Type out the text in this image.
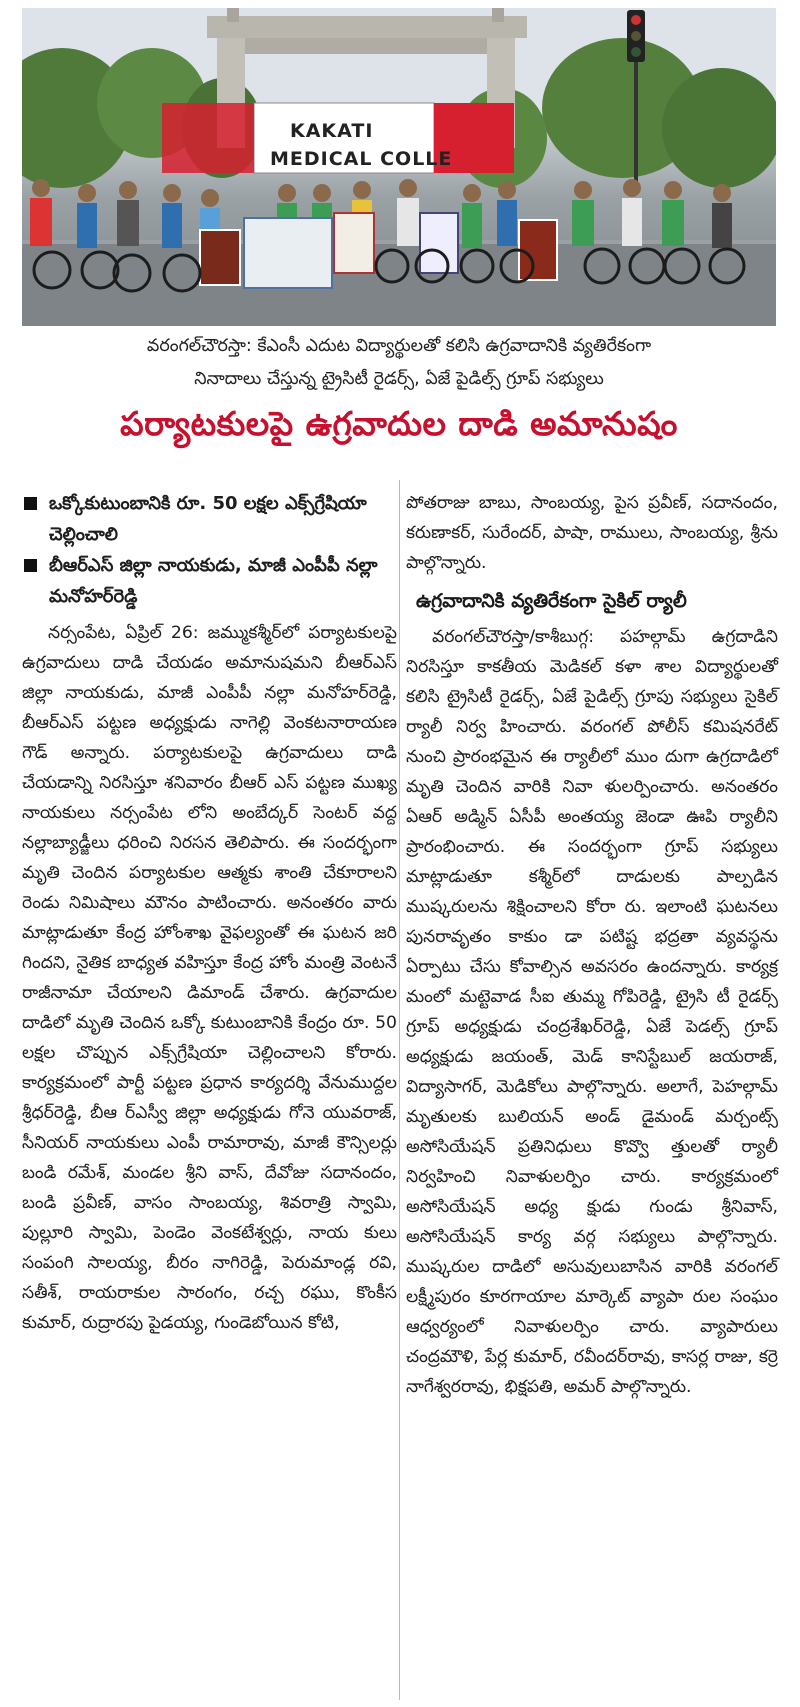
KAKATI
MEDICAL COLLE
వరంగల్‌చౌరస్తా: కేఎంసీ ఎదుట విద్యార్థులతో కలిసి ఉగ్రవాదానికి వ్యతిరేకంగా
నినాదాలు చేస్తున్న ట్రైసిటీ రైడర్స్, ఏజే పైడిల్స్ గ్రూప్ సభ్యులు
పర్యాటకులపై ఉగ్రవాదుల దాడి అమానుషం
ఒక్కోకుటుంబానికి రూ. 50 లక్షల ఎక్స్‌గ్రేషియా చెల్లించాలి
బీఆర్ఎస్ జిల్లా నాయకుడు, మాజీ ఎంపీపీ నల్లా మనోహర్‌రెడ్డి

నర్సంపేట, ఏప్రిల్ 26: జమ్ముకశ్మీర్‌లో పర్యాటకులపై ఉగ్రవాదులు దాడి చేయడం అమానుషమని బీఆర్ఎస్ జిల్లా నాయకుడు, మాజీ ఎంపీపీ నల్లా మనోహర్‌రెడ్డి, బీఆర్ఎస్ పట్టణ అధ్యక్షుడు నాగెల్లి వెంకటనారాయణ గౌడ్ అన్నారు. పర్యాటకులపై ఉగ్రవాదులు దాడి చేయడాన్ని నిరసిస్తూ శనివారం బీఆర్ ఎస్ పట్టణ ముఖ్య నాయకులు నర్సంపేట లోని అంబేద్కర్ సెంటర్ వద్ద నల్లాబ్యాడ్జీలు ధరించి నిరసన తెలిపారు. ఈ సందర్భంగా మృతి చెందిన పర్యాటకుల ఆత్మకు శాంతి చేకూరాలని రెండు నిమిషాలు మౌనం పాటించారు. అనంతరం వారు మాట్లాడుతూ కేంద్ర హోంశాఖ వైఫల్యంతో ఈ ఘటన జరి గిందని, నైతిక బాధ్యత వహిస్తూ కేంద్ర హోం మంత్రి వెంటనే రాజీనామా చేయాలని డిమాండ్ చేశారు. ఉగ్రవాదుల దాడిలో మృతి చెందిన ఒక్కో కుటుంబానికి కేంద్రం రూ. 50 లక్షల చొప్పున ఎక్స్‌గ్రేషియా చెల్లించాలని కోరారు. కార్యక్రమంలో పార్టీ పట్టణ ప్రధాన కార్యదర్శి వేనుముద్దల శ్రీధర్‌రెడ్డి, బీఆ ర్ఎస్వీ జిల్లా అధ్యక్షుడు గోనె యువరాజ్, సీనియర్ నాయకులు ఎంపీ రామారావు, మాజీ కౌన్సిలర్లు బండి రమేశ్, మండల శ్రీని వాస్, దేవోజు సదానందం, బండి ప్రవీణ్, వాసం సాంబయ్య, శివరాత్రి స్వామి, పుల్లూరి స్వామి, పెండెం వెంకటేశ్వర్లు, నాయ కులు సంపంగి సాలయ్య, బీరం నాగిరెడ్డి, పెరుమాండ్ల రవి, సతీశ్, రాయరాకుల సారంగం, రచ్చ రఘు, కొంకీస కుమార్, రుద్రారపు పైడయ్య, గుండెబోయిన కోటి,

పోతరాజు బాబు, సాంబయ్య, పైస ప్రవీణ్, సదానందం, కరుణాకర్, సురేందర్, పాషా, రాములు, సాంబయ్య, శ్రీను పాల్గొన్నారు.

ఉగ్రవాదానికి వ్యతిరేకంగా సైకిల్ ర్యాలీ

వరంగల్‌చౌరస్తా/కాశీబుగ్గ: పహల్గామ్ ఉగ్రదాడిని నిరసిస్తూ కాకతీయ మెడికల్ కళా శాల విద్యార్థులతో కలిసి ట్రైసిటీ రైడర్స్, ఏజే పైడిల్స్ గ్రూపు సభ్యులు సైకిల్ ర్యాలీ నిర్వ హించారు. వరంగల్ పోలీస్ కమిషనరేట్ నుంచి ప్రారంభమైన ఈ ర్యాలీలో ముం దుగా ఉగ్రదాడిలో మృతి చెందిన వారికి నివా ళులర్పించారు. అనంతరం ఏఆర్ అడ్మిన్ ఏసీపీ అంతయ్య జెండా ఊపి ర్యాలీని ప్రారంభించారు. ఈ సందర్భంగా గ్రూప్ సభ్యులు మాట్లాడుతూ కశ్మీర్‌లో దాడులకు పాల్పడిన ముష్కరులను శిక్షించాలని కోరా రు. ఇలాంటి ఘటనలు పునరావృతం కాకుం డా పటిష్ట భద్రతా వ్యవస్థను ఏర్పాటు చేసు కోవాల్సిన అవసరం ఉందన్నారు. కార్యక్ర మంలో మట్టెవాడ సీఐ తుమ్మ గోపిరెడ్డి, ట్రైసి టీ రైడర్స్ గ్రూప్ అధ్యక్షుడు చంద్రశేఖర్‌రెడ్డి, ఏజే పెడల్స్ గ్రూప్ అధ్యక్షుడు జయంత్, మెడ్ కానిస్టేబుల్ జయరాజ్, విద్యాసాగర్, మెడికోలు పాల్గొన్నారు. అలాగే, పెహల్గామ్ మృతులకు బులియన్ అండ్ డైమండ్ మర్చంట్స్ అసోసియేషన్ ప్రతినిధులు కొవ్వొ త్తులతో ర్యాలీ నిర్వహించి నివాళులర్పిం చారు. కార్యక్రమంలో అసోసియేషన్ అధ్య క్షుడు గుండు శ్రీనివాస్, అసోసియేషన్ కార్య వర్గ సభ్యులు పాల్గొన్నారు. ముష్కరుల దాడిలో అసువులుబాసిన వారికి వరంగల్ లక్ష్మీపురం కూరగాయాల మార్కెట్ వ్యాపా రుల సంఘం ఆధ్వర్యంలో నివాళులర్పిం చారు. వ్యాపారులు చంద్రమౌళి, పేర్ల కుమార్, రవీందర్‌రావు, కాసర్ల రాజు, కర్రె నాగేశ్వరరావు, భిక్షపతి, అమర్ పాల్గొన్నారు.
